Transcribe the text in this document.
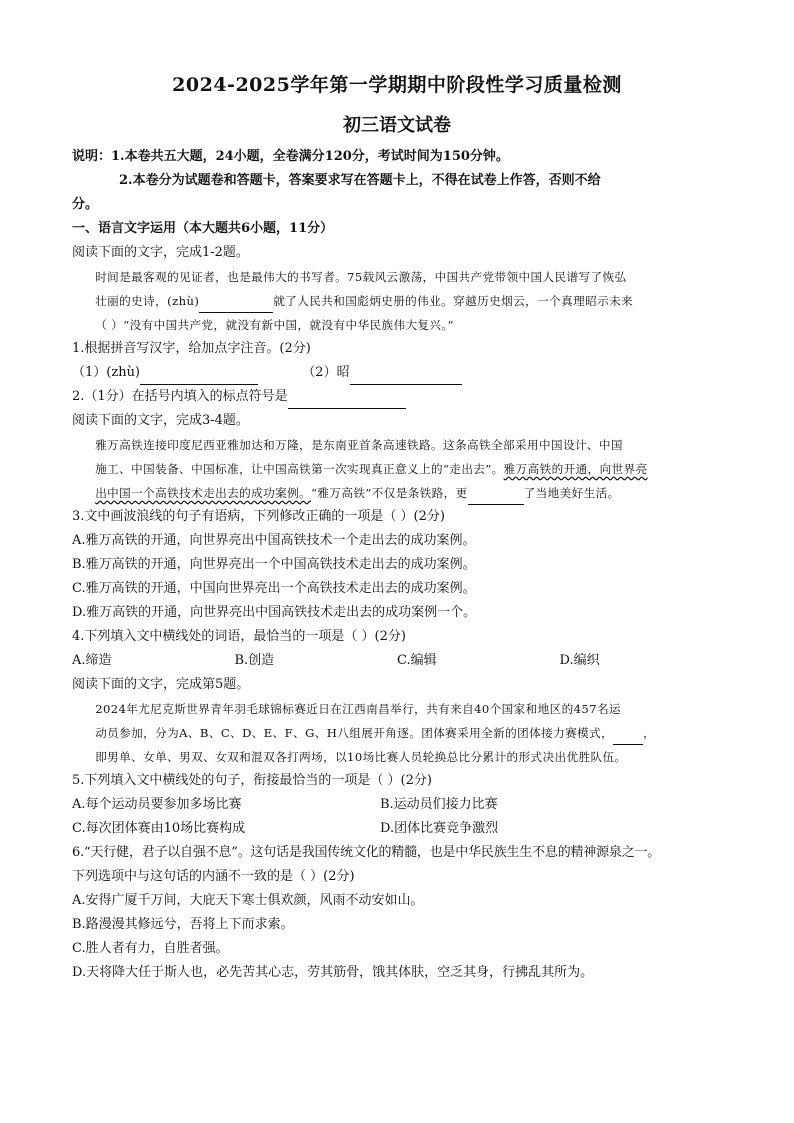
2024-2025学年第一学期期中阶段性学习质量检测
初三语文试卷

说明：1.本卷共五大题，24小题，全卷满分120分，考试时间为150分钟。

2.本卷分为试题卷和答题卡，答案要求写在答题卡上，不得在试卷上作答，否则不给

分。

一、语言文字运用（本大题共6小题，11分）

阅读下面的文字，完成1-2题。

时间是最客观的见证者，也是最伟大的书写者。75载风云激荡，中国共产党带领中国人民谱写了恢弘

壮丽的史诗，(zhù)	就了人民共和国彪炳史册的伟业。穿越历史烟云，一个真理昭示未来

（ ）“没有中国共产党，就没有新中国，就没有中华民族伟大复兴。”

1.根据拼音写汉字，给加点字注音。(2分)

（1）(zhù)	（2）昭

2.（1分）在括号内填入的标点符号是

阅读下面的文字，完成3-4题。

雅万高铁连接印度尼西亚雅加达和万隆，是东南亚首条高速铁路。这条高铁全部采用中国设计、中国

施工、中国装备、中国标准，让中国高铁第一次实现真正意义上的“走出去”。雅万高铁的开通，向世界亮

出中国一个高铁技术走出去的成功案例。“雅万高铁”不仅是条铁路，更	了当地美好生活。

3.文中画波浪线的句子有语病，下列修改正确的一项是（ ）(2分)

A.雅万高铁的开通，向世界亮出中国高铁技术一个走出去的成功案例。

B.雅万高铁的开通，向世界亮出一个中国高铁技术走出去的成功案例。

C.雅万高铁的开通，中国向世界亮出一个高铁技术走出去的成功案例。

D.雅万高铁的开通，向世界亮出中国高铁技术走出去的成功案例一个。

4.下列填入文中横线处的词语，最恰当的一项是（ ）(2分)

A.缔造	B.创造	C.编辑	D.编织

阅读下面的文字，完成第5题。

2024年尤尼克斯世界青年羽毛球锦标赛近日在江西南昌举行，共有来自40个国家和地区的457名运

动员参加，分为A、B、C、D、E、F、G、H八组展开角逐。团体赛采用全新的团体接力赛模式，	，

即男单、女单、男双、女双和混双各打两场，以10场比赛人员轮换总比分累计的形式决出优胜队伍。

5.下列填入文中横线处的句子，衔接最恰当的一项是（ ）(2分)

A.每个运动员要参加多场比赛	B.运动员们接力比赛
C.每次团体赛由10场比赛构成	D.团体比赛竞争激烈

6.“天行健，君子以自强不息”。这句话是我国传统文化的精髓，也是中华民族生生不息的精神源泉之一。

下列选项中与这句话的内涵不一致的是（ ）(2分)

A.安得广厦千万间，大庇天下寒士俱欢颜，风雨不动安如山。

B.路漫漫其修远兮，吾将上下而求索。

C.胜人者有力，自胜者强。

D.天将降大任于斯人也，必先苦其心志，劳其筋骨，饿其体肤，空乏其身，行拂乱其所为。
